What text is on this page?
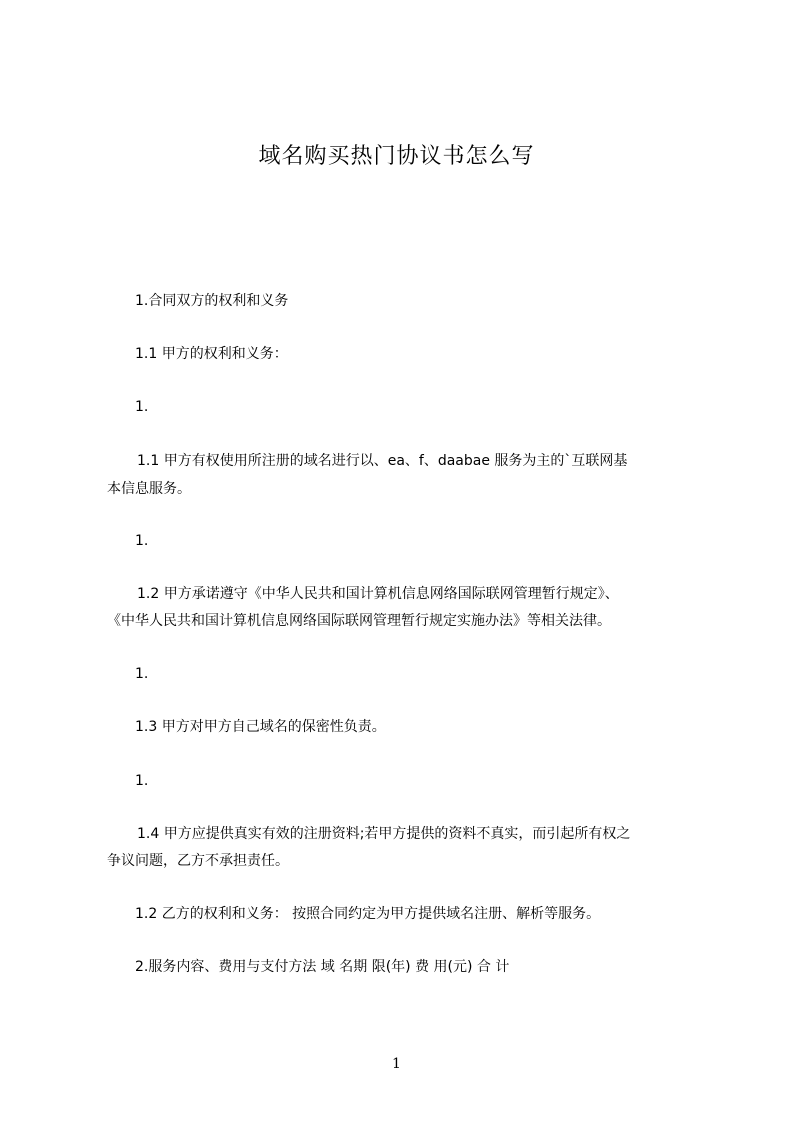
域名购买热门协议书怎么写
1.合同双方的权利和义务
1.1 甲方的权利和义务：
1.
1.1 甲方有权使用所注册的域名进行以、ea、f、daabae 服务为主的`互联网基
本信息服务。
1.
1.2 甲方承诺遵守《中华人民共和国计算机信息网络国际联网管理暂行规定》、
《中华人民共和国计算机信息网络国际联网管理暂行规定实施办法》等相关法律。
1.
1.3 甲方对甲方自己域名的保密性负责。
1.
1.4 甲方应提供真实有效的注册资料;若甲方提供的资料不真实，而引起所有权之
争议问题，乙方不承担责任。
1.2 乙方的权利和义务： 按照合同约定为甲方提供域名注册、解析等服务。
2.服务内容、费用与支付方法 域 名期 限(年) 费 用(元) 合 计
1
